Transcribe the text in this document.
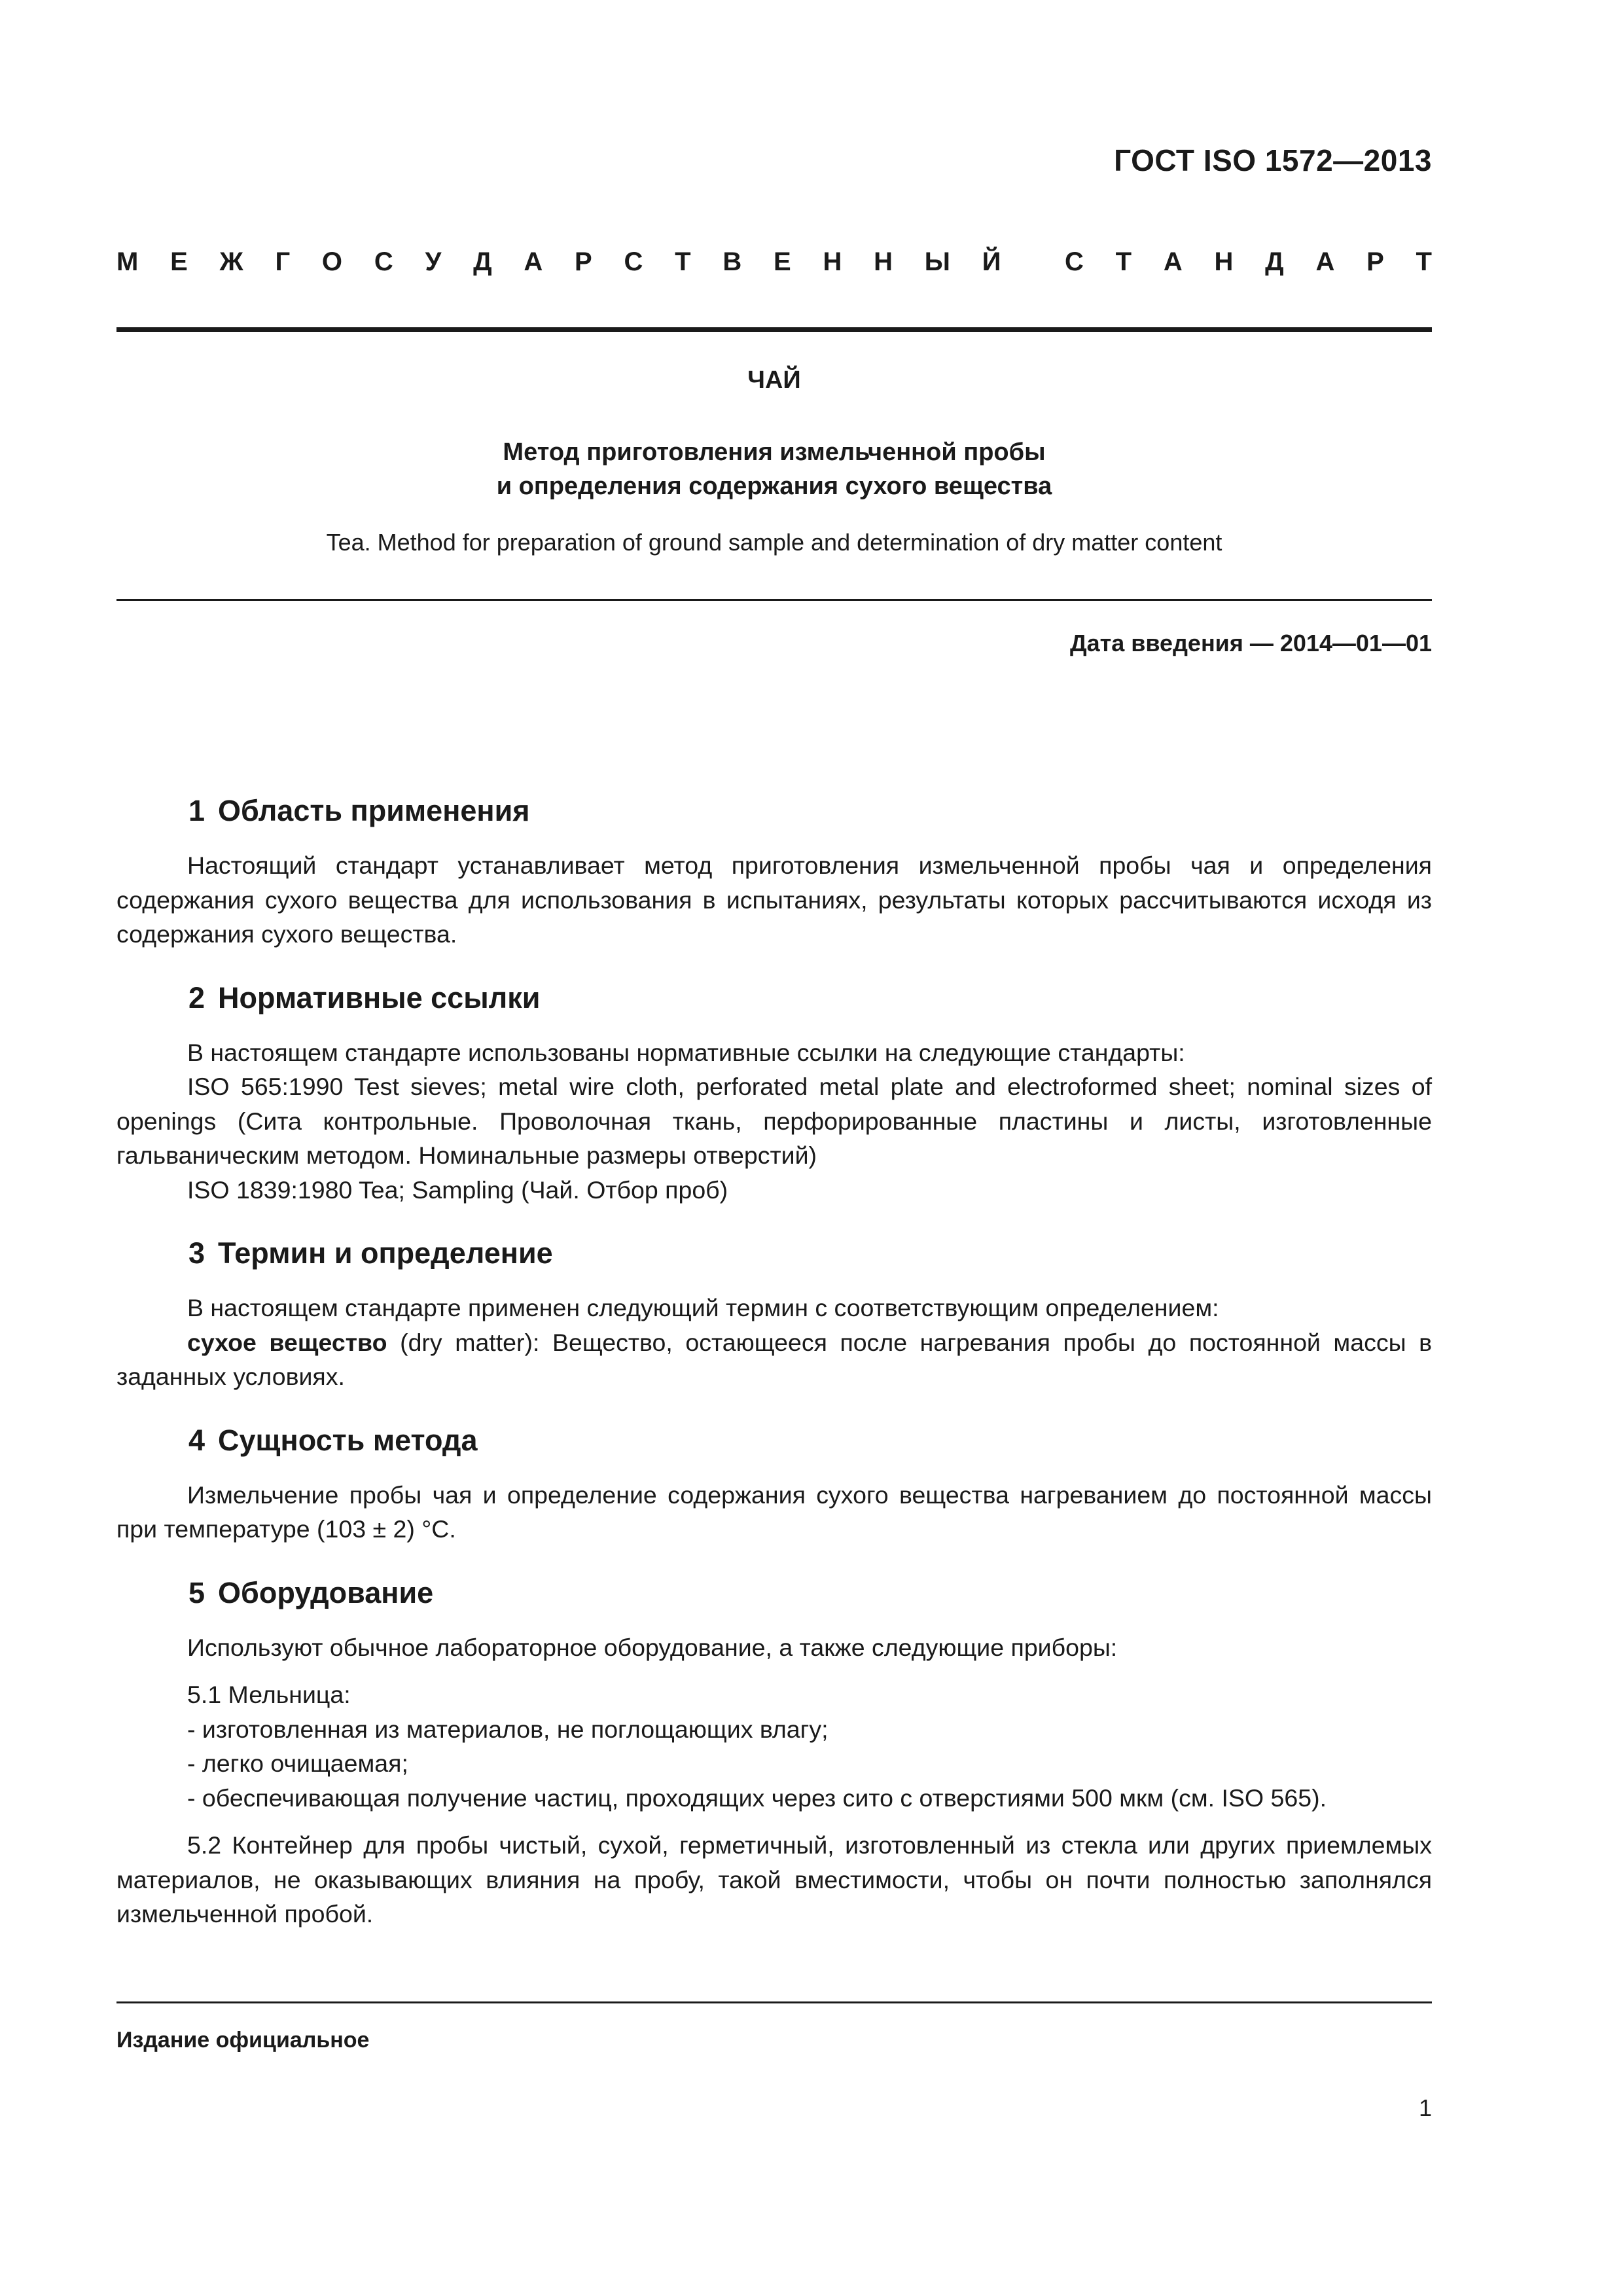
ГОСТ ISO 1572—2013
М Е Ж Г О С У Д А Р С Т В Е Н Н Ы Й С Т А Н Д А Р Т
ЧАЙ
Метод приготовления измельченной пробы
и определения содержания сухого вещества
Tea. Method for preparation of ground sample and determination of dry matter content
Дата введения — 2014—01—01
1 Область применения

Настоящий стандарт устанавливает метод приготовления измельченной пробы чая и определения содержания сухого вещества для использования в испытаниях, результаты которых рассчитываются исходя из содержания сухого вещества.

2 Нормативные ссылки

В настоящем стандарте использованы нормативные ссылки на следующие стандарты:

ISO 565:1990 Test sieves; metal wire cloth, perforated metal plate and electroformed sheet; nominal sizes of openings (Сита контрольные. Проволочная ткань, перфорированные пластины и листы, изготовленные гальваническим методом. Номинальные размеры отверстий)

ISO 1839:1980 Tea; Sampling (Чай. Отбор проб)

3 Термин и определение

В настоящем стандарте применен следующий термин с соответствующим определением:

сухое вещество (dry matter): Вещество, остающееся после нагревания пробы до постоянной массы в заданных условиях.

4 Сущность метода

Измельчение пробы чая и определение содержания сухого вещества нагреванием до постоянной массы при температуре (103 ± 2) °С.

5 Оборудование

Используют обычное лабораторное оборудование, а также следующие приборы:

5.1 Мельница:

- изготовленная из материалов, не поглощающих влагу;

- легко очищаемая;

- обеспечивающая получение частиц, проходящих через сито с отверстиями 500 мкм (см. ISO 565).

5.2 Контейнер для пробы чистый, сухой, герметичный, изготовленный из стекла или других приемлемых материалов, не оказывающих влияния на пробу, такой вместимости, чтобы он почти полностью заполнялся измельченной пробой.

Издание официальное
1
